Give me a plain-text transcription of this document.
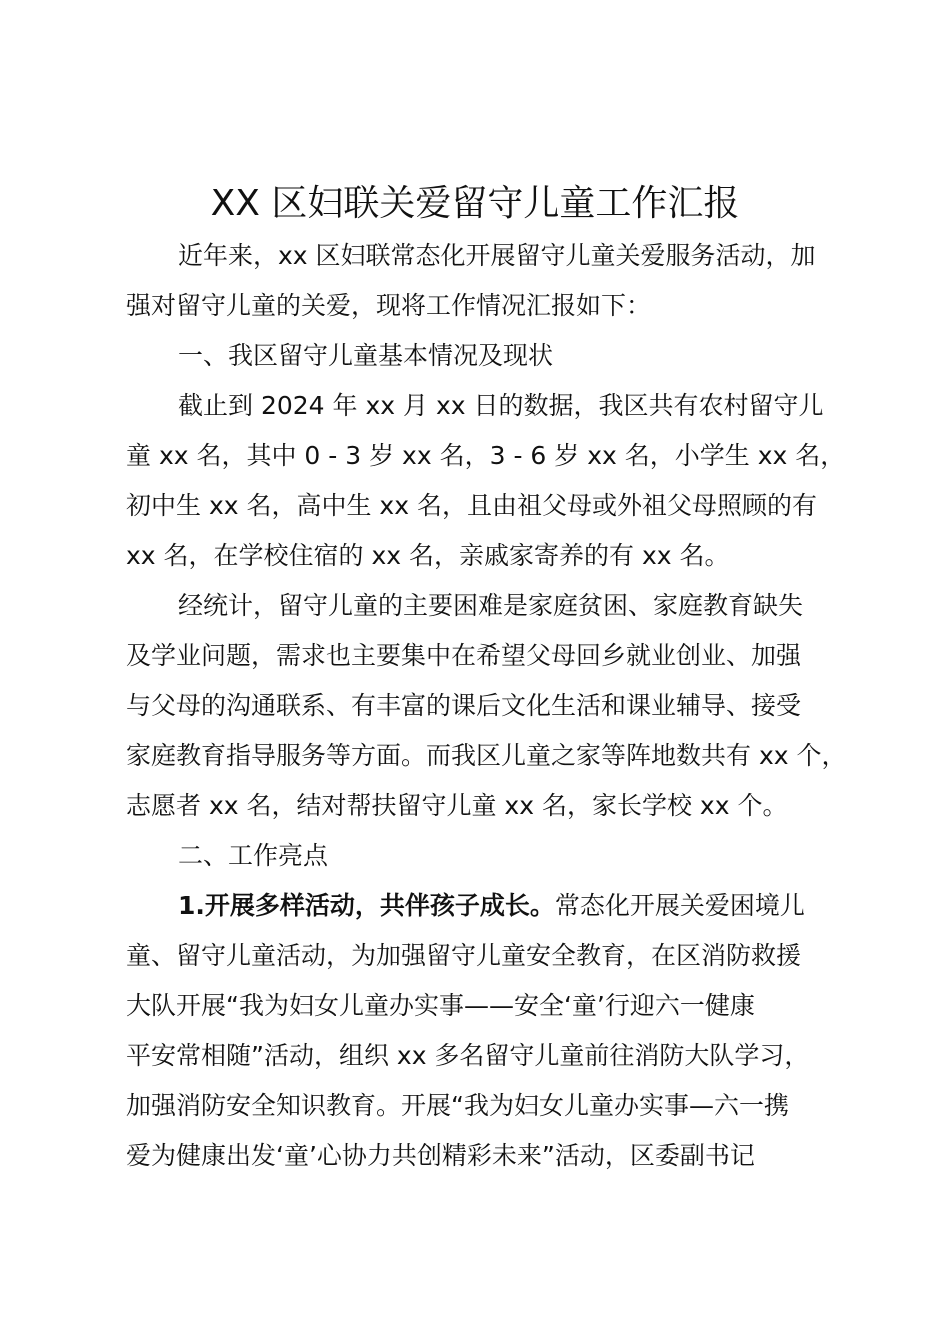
XX 区妇联关爱留守儿童工作汇报
近年来，xx 区妇联常态化开展留守儿童关爱服务活动，加
强对留守儿童的关爱，现将工作情况汇报如下：
一、我区留守儿童基本情况及现状
截止到 2024 年 xx 月 xx 日的数据，我区共有农村留守儿
童 xx 名，其中 0 - 3 岁 xx 名，3 - 6 岁 xx 名，小学生 xx 名，
初中生 xx 名，高中生 xx 名，且由祖父母或外祖父母照顾的有
xx 名，在学校住宿的 xx 名，亲戚家寄养的有 xx 名。
经统计，留守儿童的主要困难是家庭贫困、家庭教育缺失
及学业问题，需求也主要集中在希望父母回乡就业创业、加强
与父母的沟通联系、有丰富的课后文化生活和课业辅导、接受
家庭教育指导服务等方面。而我区儿童之家等阵地数共有 xx 个，
志愿者 xx 名，结对帮扶留守儿童 xx 名，家长学校 xx 个。
二、工作亮点
1.开展多样活动，共伴孩子成长。常态化开展关爱困境儿
童、留守儿童活动，为加强留守儿童安全教育，在区消防救援
大队开展“我为妇女儿童办实事——安全‘童’行迎六一健康
平安常相随”活动，组织 xx 多名留守儿童前往消防大队学习，
加强消防安全知识教育。开展“我为妇女儿童办实事—六一携
爱为健康出发‘童’心协力共创精彩未来”活动，区委副书记
